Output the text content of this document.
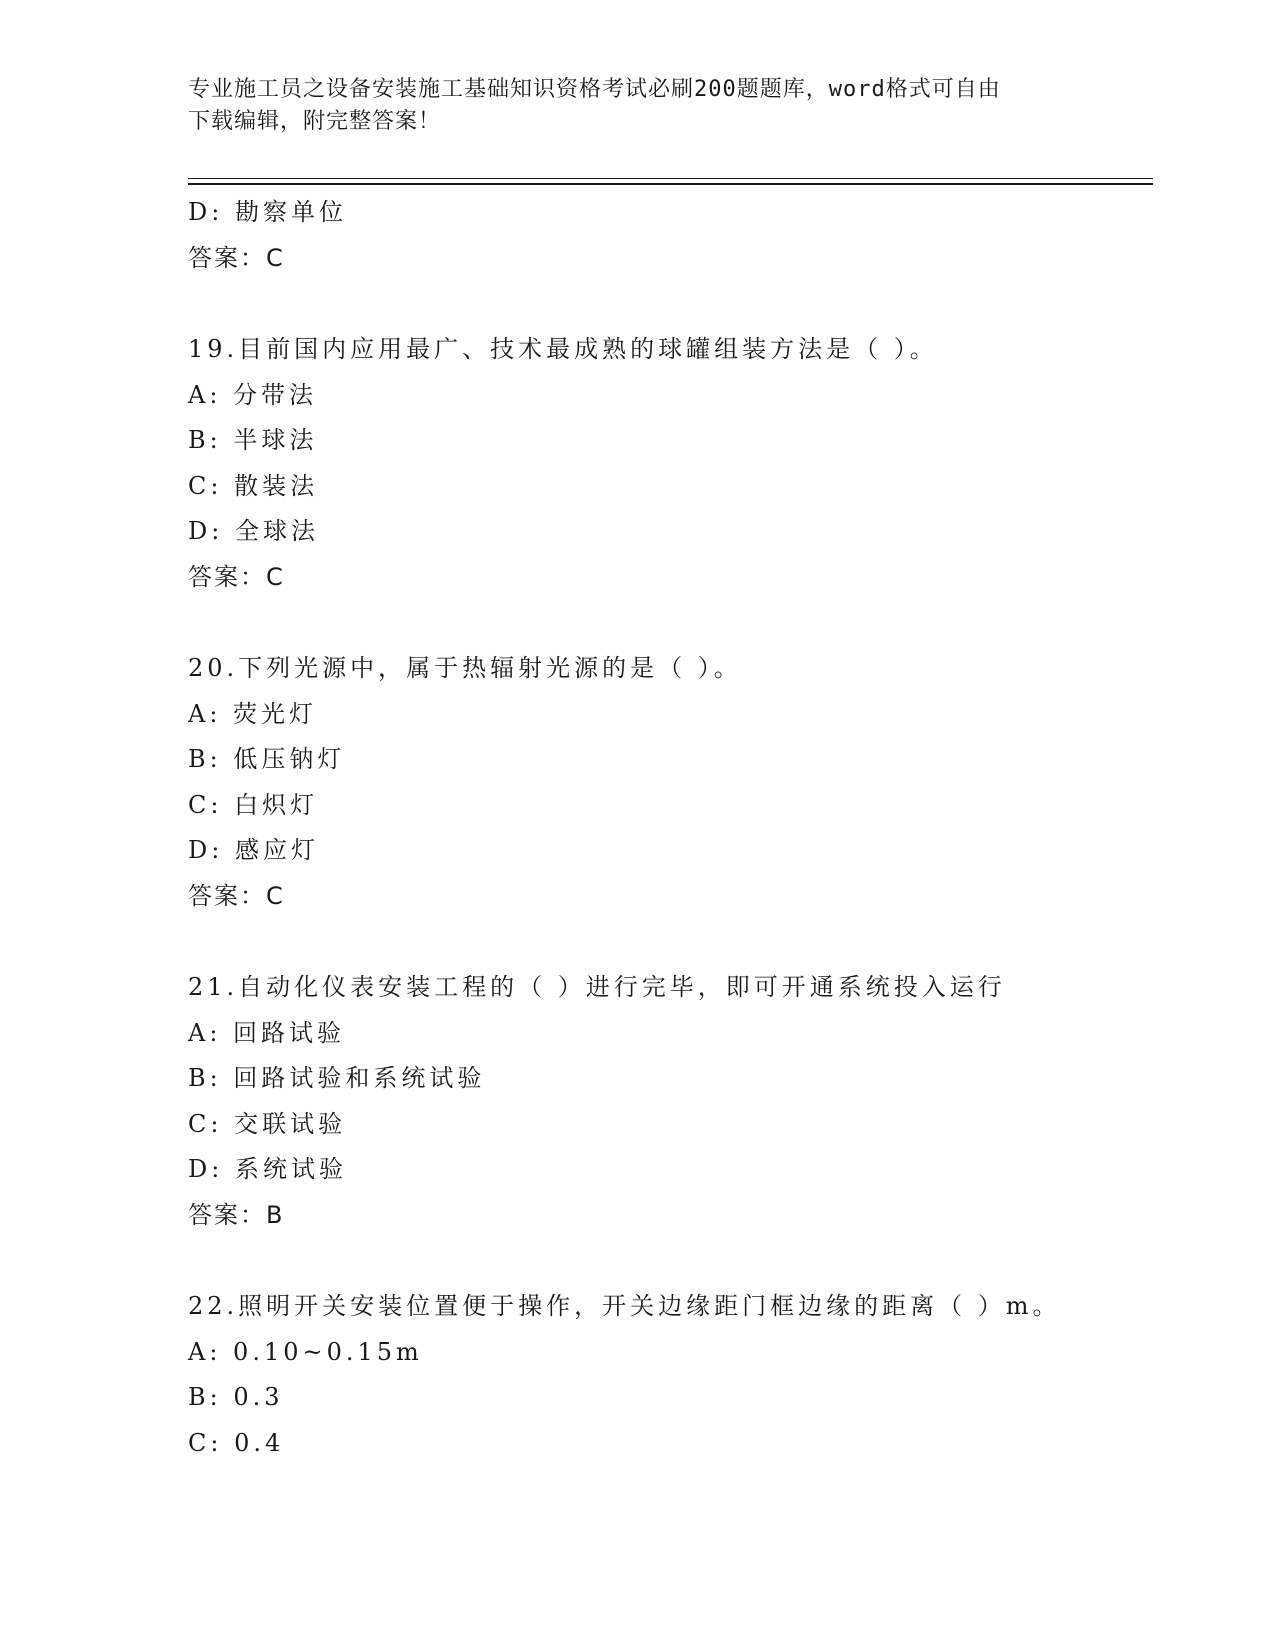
专业施工员之设备安装施工基础知识资格考试必刷200题题库，word格式可自由
下载编辑，附完整答案！
D: 勘察单位
答案：C
19.目前国内应用最广、技术最成熟的球罐组装方法是（ ）。
A: 分带法
B: 半球法
C: 散装法
D: 全球法
答案：C
20.下列光源中，属于热辐射光源的是（ ）。
A: 荧光灯
B: 低压钠灯
C: 白炽灯
D: 感应灯
答案：C
21.自动化仪表安装工程的（ ）进行完毕，即可开通系统投入运行
A: 回路试验
B: 回路试验和系统试验
C: 交联试验
D: 系统试验
答案：B
22.照明开关安装位置便于操作，开关边缘距门框边缘的距离（ ）m。
A: 0.10~0.15m
B: 0.3
C: 0.4
